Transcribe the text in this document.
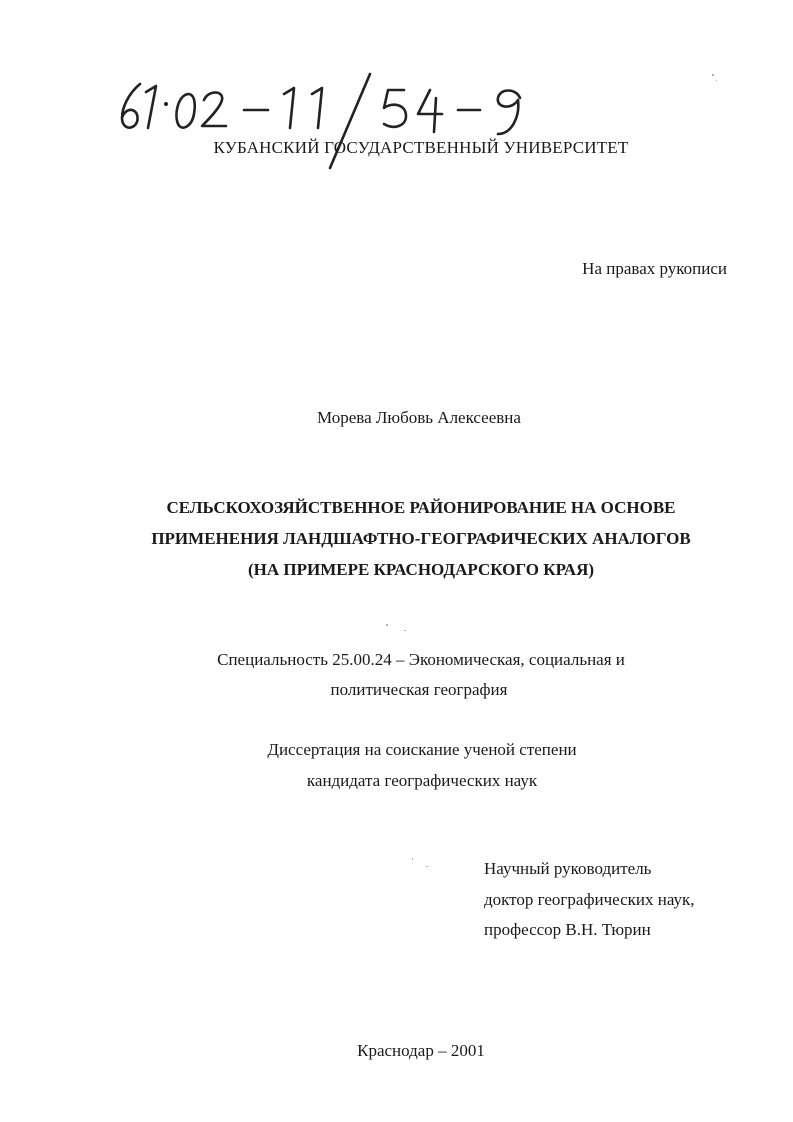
КУБАНСКИЙ ГОСУДАРСТВЕННЫЙ УНИВЕРСИТЕТ
На правах рукописи
Морева Любовь Алексеевна
СЕЛЬСКОХОЗЯЙСТВЕННОЕ РАЙОНИРОВАНИЕ НА ОСНОВЕ
ПРИМЕНЕНИЯ ЛАНДШАФТНО-ГЕОГРАФИЧЕСКИХ АНАЛОГОВ
(НА ПРИМЕРЕ КРАСНОДАРСКОГО КРАЯ)
Специальность 25.00.24 – Экономическая, социальная и
политическая география
Диссертация на соискание ученой степени
кандидата географических наук
Научный руководитель
доктор географических наук,
профессор В.Н. Тюрин
Краснодар – 2001
